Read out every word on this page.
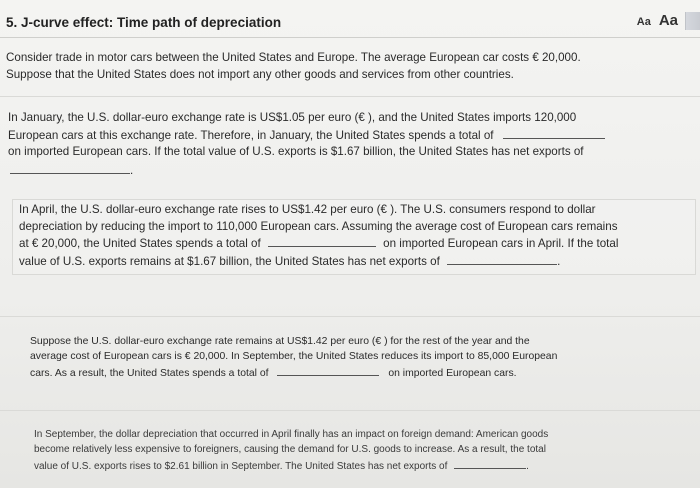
5. J-curve effect: Time path of depreciation	Aa Aa
Consider trade in motor cars between the United States and Europe. The average European car costs € 20,000.
Suppose that the United States does not import any other goods and services from other countries.
In January, the U.S. dollar-euro exchange rate is US$1.05 per euro (€ ), and the United States imports 120,000
European cars at this exchange rate. Therefore, in January, the United States spends a total of
on imported European cars. If the total value of U.S. exports is $1.67 billion, the United States has net exports of
.
In April, the U.S. dollar-euro exchange rate rises to US$1.42 per euro (€ ). The U.S. consumers respond to dollar
depreciation by reducing the import to 110,000 European cars. Assuming the average cost of European cars remains
at € 20,000, the United States spends a total of	on imported European cars in April. If the total
value of U.S. exports remains at $1.67 billion, the United States has net exports of	.
Suppose the U.S. dollar-euro exchange rate remains at US$1.42 per euro (€ ) for the rest of the year and the
average cost of European cars is € 20,000. In September, the United States reduces its import to 85,000 European
cars. As a result, the United States spends a total of	on imported European cars.
In September, the dollar depreciation that occurred in April finally has an impact on foreign demand: American goods
become relatively less expensive to foreigners, causing the demand for U.S. goods to increase. As a result, the total
value of U.S. exports rises to $2.61 billion in September. The United States has net exports of	.
